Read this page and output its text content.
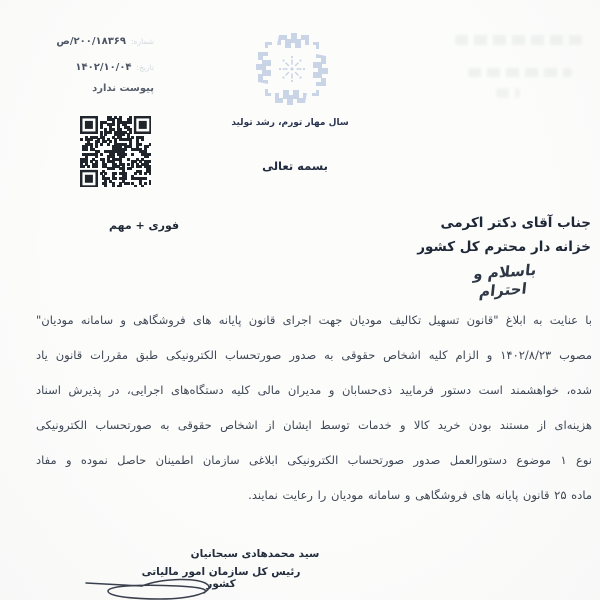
شماره:
۲۰۰/۱۸۳۶۹/ص
تاریخ:
۱۴۰۲/۱۰/۰۴
پیوست ندارد
سال مهار تورم، رشد تولید
بسمه تعالی
فوری + مهم	جناب آقای دکتر اکرمی
خزانه دار محترم کل کشور
باسلام و احترام
با عنایت به ابلاغ "قانون تسهیل تکالیف مودیان جهت اجرای قانون پایانه های فروشگاهی و سامانه مودیان"
مصوب ۱۴۰۲/۸/۲۳ و الزام کلیه اشخاص حقوقی به صدور صورتحساب الکترونیکی طبق مقررات قانون یاد
شده، خواهشمند است دستور فرمایید ذی‌حسابان و مدیران مالی کلیه دستگاه‌های اجرایی، در پذیرش اسناد
هزینه‌ای از مستند بودن خرید کالا و خدمات توسط ایشان از اشخاص حقوقی به صورتحساب الکترونیکی
نوع ۱ موضوع دستورالعمل صدور صورتحساب الکترونیکی ابلاغی سازمان اطمینان حاصل نموده و مفاد
ماده ۲۵ قانون پایانه های فروشگاهی و سامانه مودیان را رعایت نمایند.
سید محمدهادی سبحانیان
رئیس کل سازمان امور مالیاتی کشور
